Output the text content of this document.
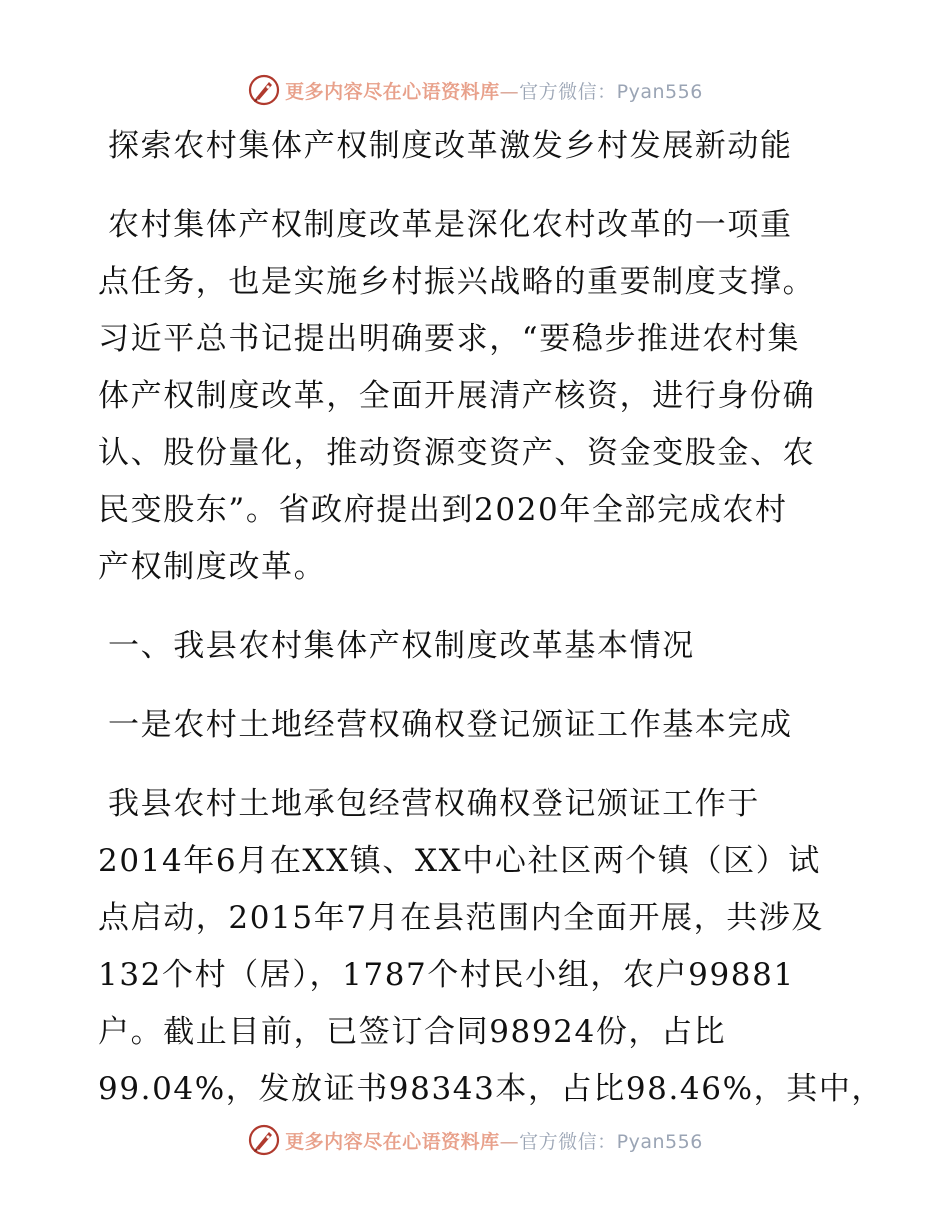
更多内容尽在心语资料库—官方微信：Pyan556
探索农村集体产权制度改革激发乡村发展新动能
农村集体产权制度改革是深化农村改革的一项重
点任务，也是实施乡村振兴战略的重要制度支撑。
习近平总书记提出明确要求，“要稳步推进农村集
体产权制度改革，全面开展清产核资，进行身份确
认、股份量化，推动资源变资产、资金变股金、农
民变股东”。省政府提出到2020年全部完成农村
产权制度改革。
一、我县农村集体产权制度改革基本情况
一是农村土地经营权确权登记颁证工作基本完成
我县农村土地承包经营权确权登记颁证工作于
2014年6月在XX镇、XX中心社区两个镇（区）试
点启动，2015年7月在县范围内全面开展，共涉及
132个村（居），1787个村民小组，农户99881
户。截止目前，已签订合同98924份，占比
99.04%，发放证书98343本，占比98.46%，其中，
更多内容尽在心语资料库—官方微信：Pyan556
